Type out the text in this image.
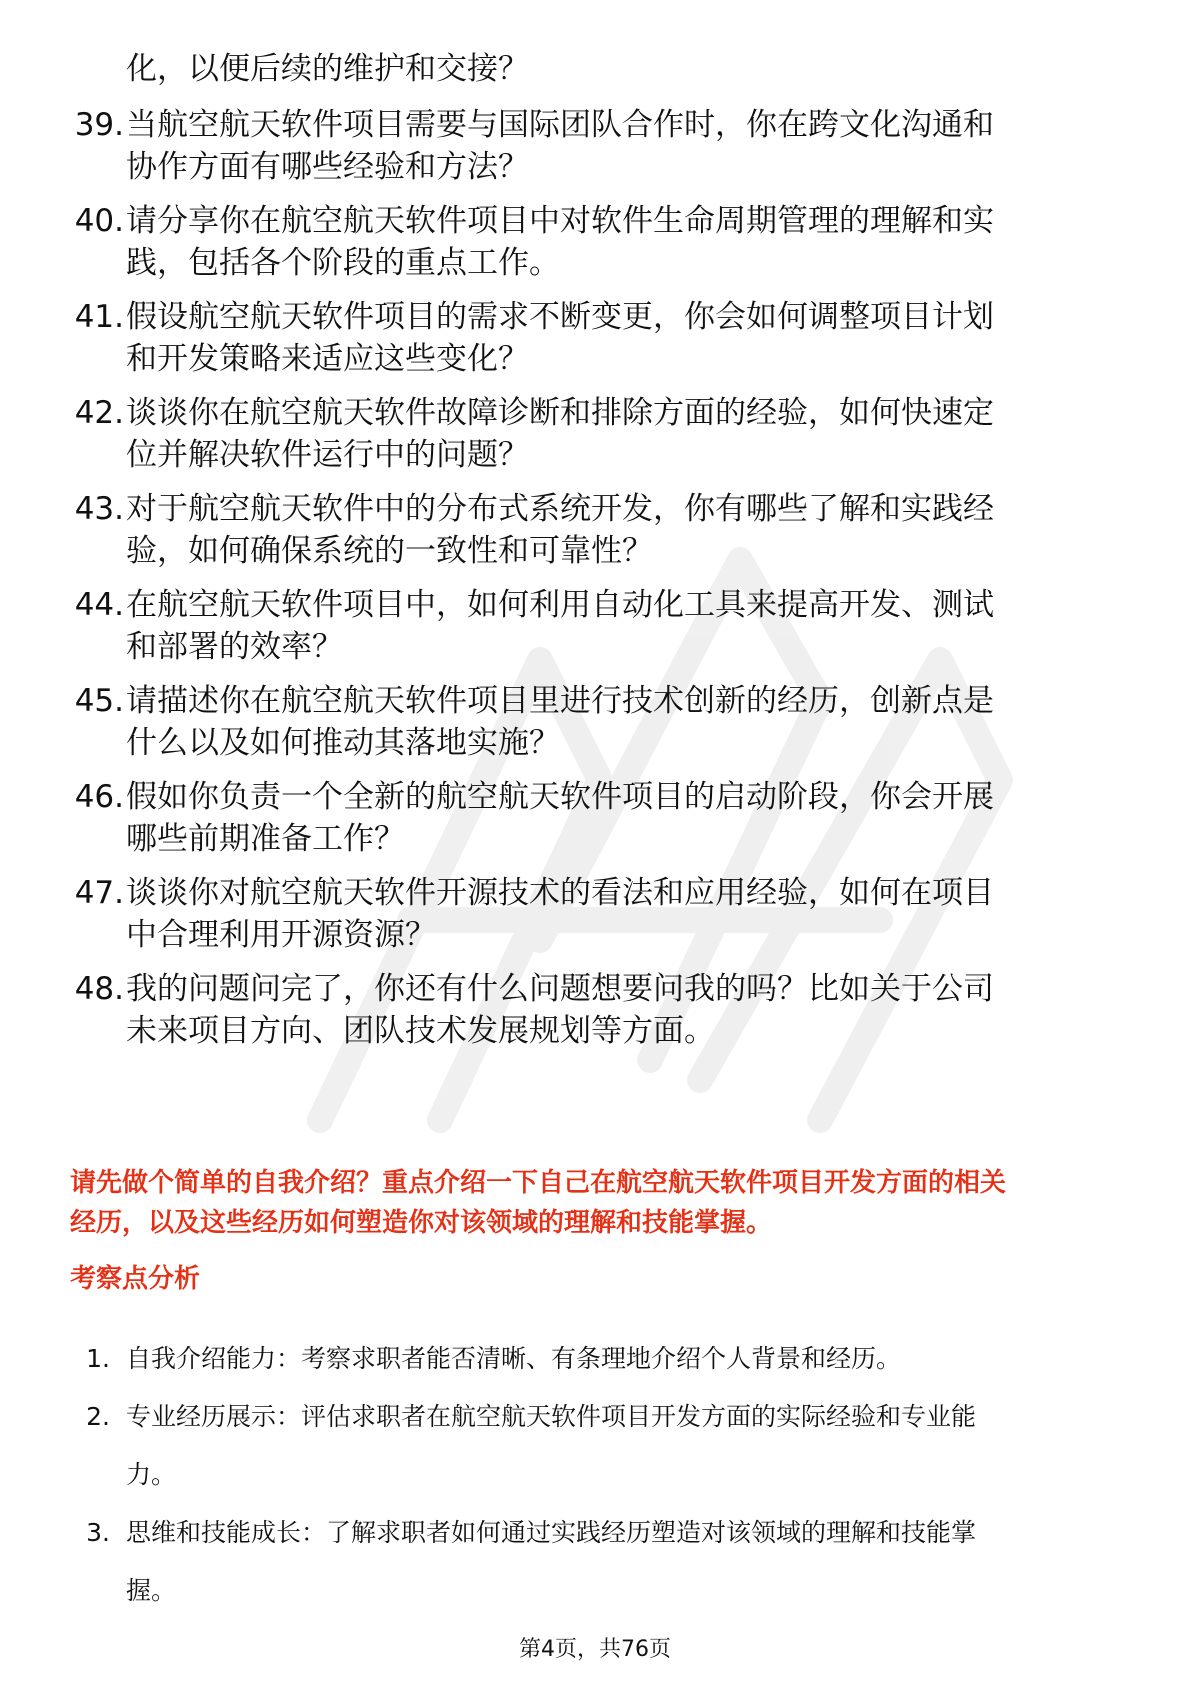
化，以便后续的维护和交接？

39. 当航空航天软件项目需要与国际团队合作时，你在跨文化沟通和
协作方面有哪些经验和方法？
40. 请分享你在航空航天软件项目中对软件生命周期管理的理解和实
践，包括各个阶段的重点工作。
41. 假设航空航天软件项目的需求不断变更，你会如何调整项目计划
和开发策略来适应这些变化？
42. 谈谈你在航空航天软件故障诊断和排除方面的经验，如何快速定
位并解决软件运行中的问题？
43. 对于航空航天软件中的分布式系统开发，你有哪些了解和实践经
验，如何确保系统的一致性和可靠性？
44. 在航空航天软件项目中，如何利用自动化工具来提高开发、测试
和部署的效率？
45. 请描述你在航空航天软件项目里进行技术创新的经历，创新点是
什么以及如何推动其落地实施？
46. 假如你负责一个全新的航空航天软件项目的启动阶段，你会开展
哪些前期准备工作？
47. 谈谈你对航空航天软件开源技术的看法和应用经验，如何在项目
中合理利用开源资源？
48. 我的问题问完了，你还有什么问题想要问我的吗？比如关于公司
未来项目方向、团队技术发展规划等方面。

请先做个简单的自我介绍？重点介绍一下自己在航空航天软件项目开发方面的相关
经历，以及这些经历如何塑造你对该领域的理解和技能掌握。

考察点分析
1. 自我介绍能力：考察求职者能否清晰、有条理地介绍个人背景和经历。
2. 专业经历展示：评估求职者在航空航天软件项目开发方面的实际经验和专业能
力。
3. 思维和技能成长：了解求职者如何通过实践经历塑造对该领域的理解和技能掌
握。
第4页，共76页
